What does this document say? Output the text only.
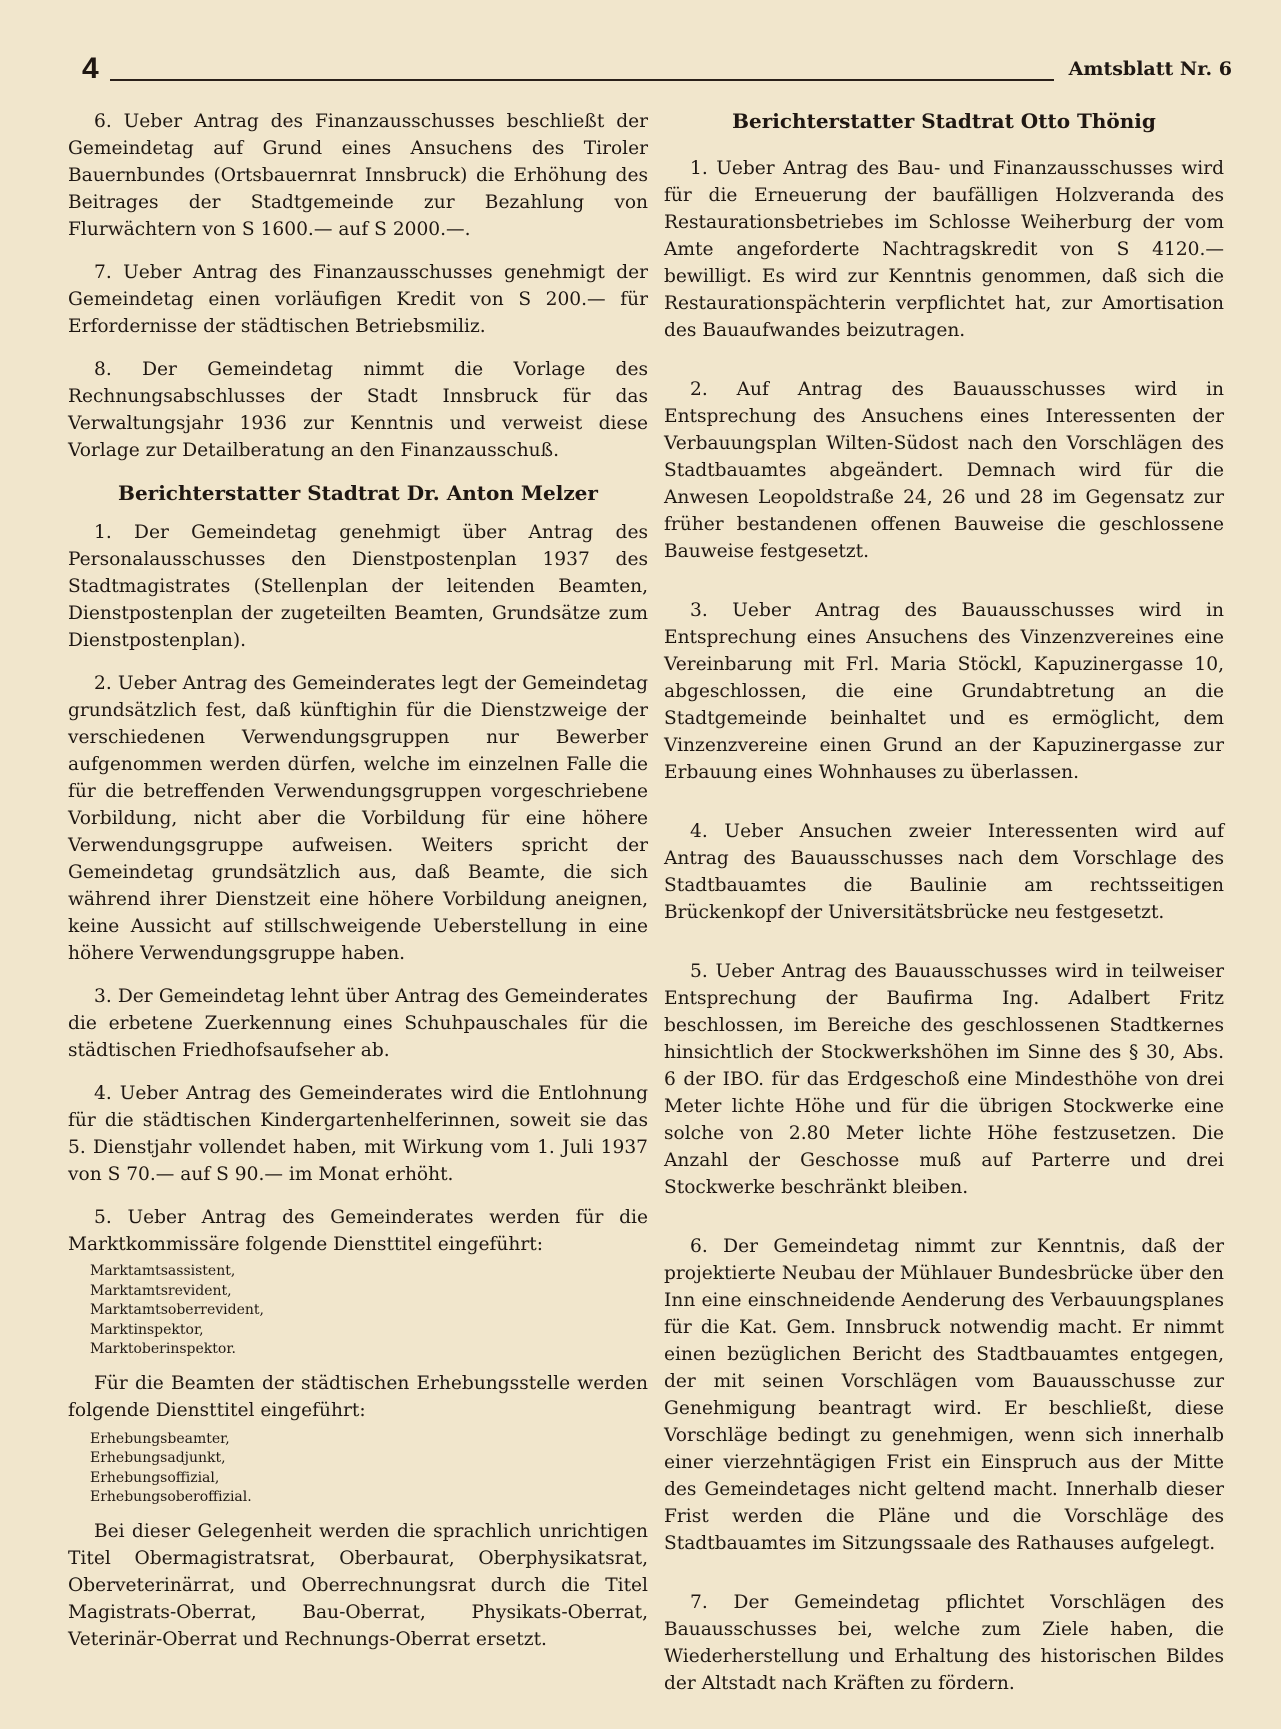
4	Amtsblatt Nr. 6

6. Ueber Antrag des Finanzausschusses beschließt der Gemeindetag auf Grund eines Ansuchens des Tiroler Bauernbundes (Ortsbauernrat Innsbruck) die Erhöhung des Beitrages der Stadtgemeinde zur Bezahlung von Flurwächtern von S 1600.— auf S 2000.—.

7. Ueber Antrag des Finanzausschusses genehmigt der Gemeindetag einen vorläufigen Kredit von S 200.— für Erfordernisse der städtischen Betriebsmiliz.

8. Der Gemeindetag nimmt die Vorlage des Rechnungsabschlusses der Stadt Innsbruck für das Verwaltungsjahr 1936 zur Kenntnis und verweist diese Vorlage zur Detailberatung an den Finanzausschuß.

Berichterstatter Stadtrat Dr. Anton Melzer

1. Der Gemeindetag genehmigt über Antrag des Personalausschusses den Dienstpostenplan 1937 des Stadtmagistrates (Stellenplan der leitenden Beamten, Dienstpostenplan der zugeteilten Beamten, Grundsätze zum Dienstpostenplan).

2. Ueber Antrag des Gemeinderates legt der Gemeindetag grundsätzlich fest, daß künftighin für die Dienstzweige der verschiedenen Verwendungsgruppen nur Bewerber aufgenommen werden dürfen, welche im einzelnen Falle die für die betreffenden Verwendungsgruppen vorgeschriebene Vorbildung, nicht aber die Vorbildung für eine höhere Verwendungsgruppe aufweisen. Weiters spricht der Gemeindetag grundsätzlich aus, daß Beamte, die sich während ihrer Dienstzeit eine höhere Vorbildung aneignen, keine Aussicht auf stillschweigende Ueberstellung in eine höhere Verwendungsgruppe haben.

3. Der Gemeindetag lehnt über Antrag des Gemeinderates die erbetene Zuerkennung eines Schuhpauschales für die städtischen Friedhofsaufseher ab.

4. Ueber Antrag des Gemeinderates wird die Entlohnung für die städtischen Kindergartenhelferinnen, soweit sie das 5. Dienstjahr vollendet haben, mit Wirkung vom 1. Juli 1937 von S 70.— auf S 90.— im Monat erhöht.

5. Ueber Antrag des Gemeinderates werden für die Marktkommissäre folgende Diensttitel eingeführt:

Marktamtsassistent,
Marktamtsrevident,
Marktamtsoberrevident,
Marktinspektor,
Marktoberinspektor.

Für die Beamten der städtischen Erhebungsstelle werden folgende Diensttitel eingeführt:

Erhebungsbeamter,
Erhebungsadjunkt,
Erhebungsoffizial,
Erhebungsoberoffizial.

Bei dieser Gelegenheit werden die sprachlich unrichtigen Titel Obermagistratsrat, Oberbaurat, Oberphysikatsrat, Oberveterinärrat, und Oberrechnungsrat durch die Titel Magistrats-Oberrat, Bau-Oberrat, Physikats-Oberrat, Veterinär-Oberrat und Rechnungs-Oberrat ersetzt.

Berichterstatter Stadtrat Otto Thönig

1. Ueber Antrag des Bau- und Finanzausschusses wird für die Erneuerung der baufälligen Holzveranda des Restaurationsbetriebes im Schlosse Weiherburg der vom Amte angeforderte Nachtragskredit von S 4120.— bewilligt. Es wird zur Kenntnis genommen, daß sich die Restaurationspächterin verpflichtet hat, zur Amortisation des Bauaufwandes beizutragen.

2. Auf Antrag des Bauausschusses wird in Entsprechung des Ansuchens eines Interessenten der Verbauungsplan Wilten-Südost nach den Vorschlägen des Stadtbauamtes abgeändert. Demnach wird für die Anwesen Leopoldstraße 24, 26 und 28 im Gegensatz zur früher bestandenen offenen Bauweise die geschlossene Bauweise festgesetzt.

3. Ueber Antrag des Bauausschusses wird in Entsprechung eines Ansuchens des Vinzenzvereines eine Vereinbarung mit Frl. Maria Stöckl, Kapuzinergasse 10, abgeschlossen, die eine Grundabtretung an die Stadtgemeinde beinhaltet und es ermöglicht, dem Vinzenzvereine einen Grund an der Kapuzinergasse zur Erbauung eines Wohnhauses zu überlassen.

4. Ueber Ansuchen zweier Interessenten wird auf Antrag des Bauausschusses nach dem Vorschlage des Stadtbauamtes die Baulinie am rechtsseitigen Brückenkopf der Universitätsbrücke neu festgesetzt.

5. Ueber Antrag des Bauausschusses wird in teilweiser Entsprechung der Baufirma Ing. Adalbert Fritz beschlossen, im Bereiche des geschlossenen Stadtkernes hinsichtlich der Stockwerkshöhen im Sinne des § 30, Abs. 6 der IBO. für das Erdgeschoß eine Mindesthöhe von drei Meter lichte Höhe und für die übrigen Stockwerke eine solche von 2.80 Meter lichte Höhe festzusetzen. Die Anzahl der Geschosse muß auf Parterre und drei Stockwerke beschränkt bleiben.

6. Der Gemeindetag nimmt zur Kenntnis, daß der projektierte Neubau der Mühlauer Bundesbrücke über den Inn eine einschneidende Aenderung des Verbauungsplanes für die Kat. Gem. Innsbruck notwendig macht. Er nimmt einen bezüglichen Bericht des Stadtbauamtes entgegen, der mit seinen Vorschlägen vom Bauausschusse zur Genehmigung beantragt wird. Er beschließt, diese Vorschläge bedingt zu genehmigen, wenn sich innerhalb einer vierzehntägigen Frist ein Einspruch aus der Mitte des Gemeindetages nicht geltend macht. Innerhalb dieser Frist werden die Pläne und die Vorschläge des Stadtbauamtes im Sitzungssaale des Rathauses aufgelegt.

7. Der Gemeindetag pflichtet Vorschlägen des Bauausschusses bei, welche zum Ziele haben, die Wiederherstellung und Erhaltung des historischen Bildes der Altstadt nach Kräften zu fördern.
